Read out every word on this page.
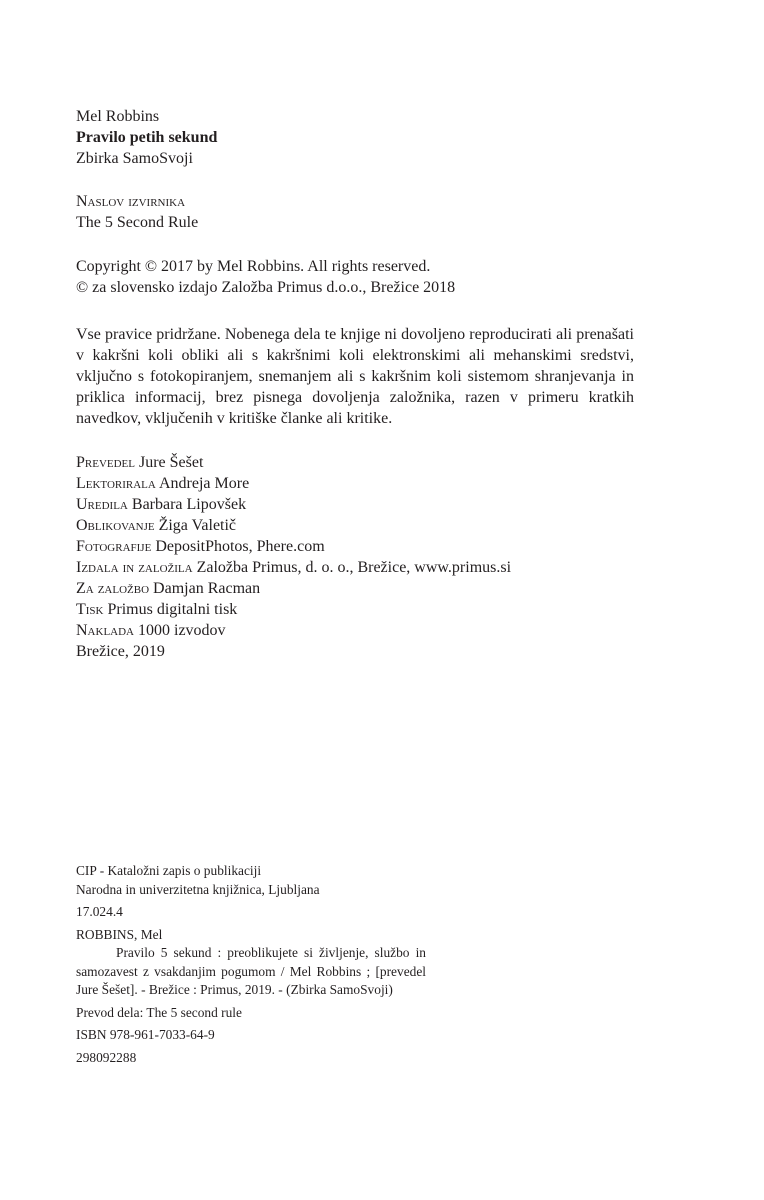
Mel Robbins
Pravilo petih sekund
Zbirka SamoSvoji
Naslov izvirnika
The 5 Second Rule
Copyright © 2017 by Mel Robbins. All rights reserved.
© za slovensko izdajo Založba Primus d.o.o., Brežice 2018
Vse pravice pridržane. Nobenega dela te knjige ni dovoljeno reproducirati ali prenašati v kakršni koli obliki ali s kakršnimi koli elektronskimi ali mehanskimi sredstvi, vključno s fotokopiranjem, snemanjem ali s kakršnim koli sistemom shranjevanja in priklica informacij, brez pisnega dovoljenja založnika, razen v primeru kratkih navedkov, vključenih v kritiške članke ali kritike.
Prevedel Jure Šešet
Lektorirala Andreja More
Uredila Barbara Lipovšek
Oblikovanje Žiga Valetič
Fotografije DepositPhotos, Phere.com
Izdala in založila Založba Primus, d. o. o., Brežice, www.primus.si
Za založbo Damjan Racman
Tisk Primus digitalni tisk
Naklada 1000 izvodov
Brežice, 2019
CIP - Kataložni zapis o publikaciji
Narodna in univerzitetna knjižnica, Ljubljana
17.024.4
ROBBINS, Mel
Pravilo 5 sekund : preoblikujete si življenje, službo in samozavest z vsakdanjim pogumom / Mel Robbins ; [prevedel Jure Šešet]. - Brežice : Primus, 2019. - (Zbirka SamoSvoji)
Prevod dela: The 5 second rule
ISBN 978-961-7033-64-9
298092288
